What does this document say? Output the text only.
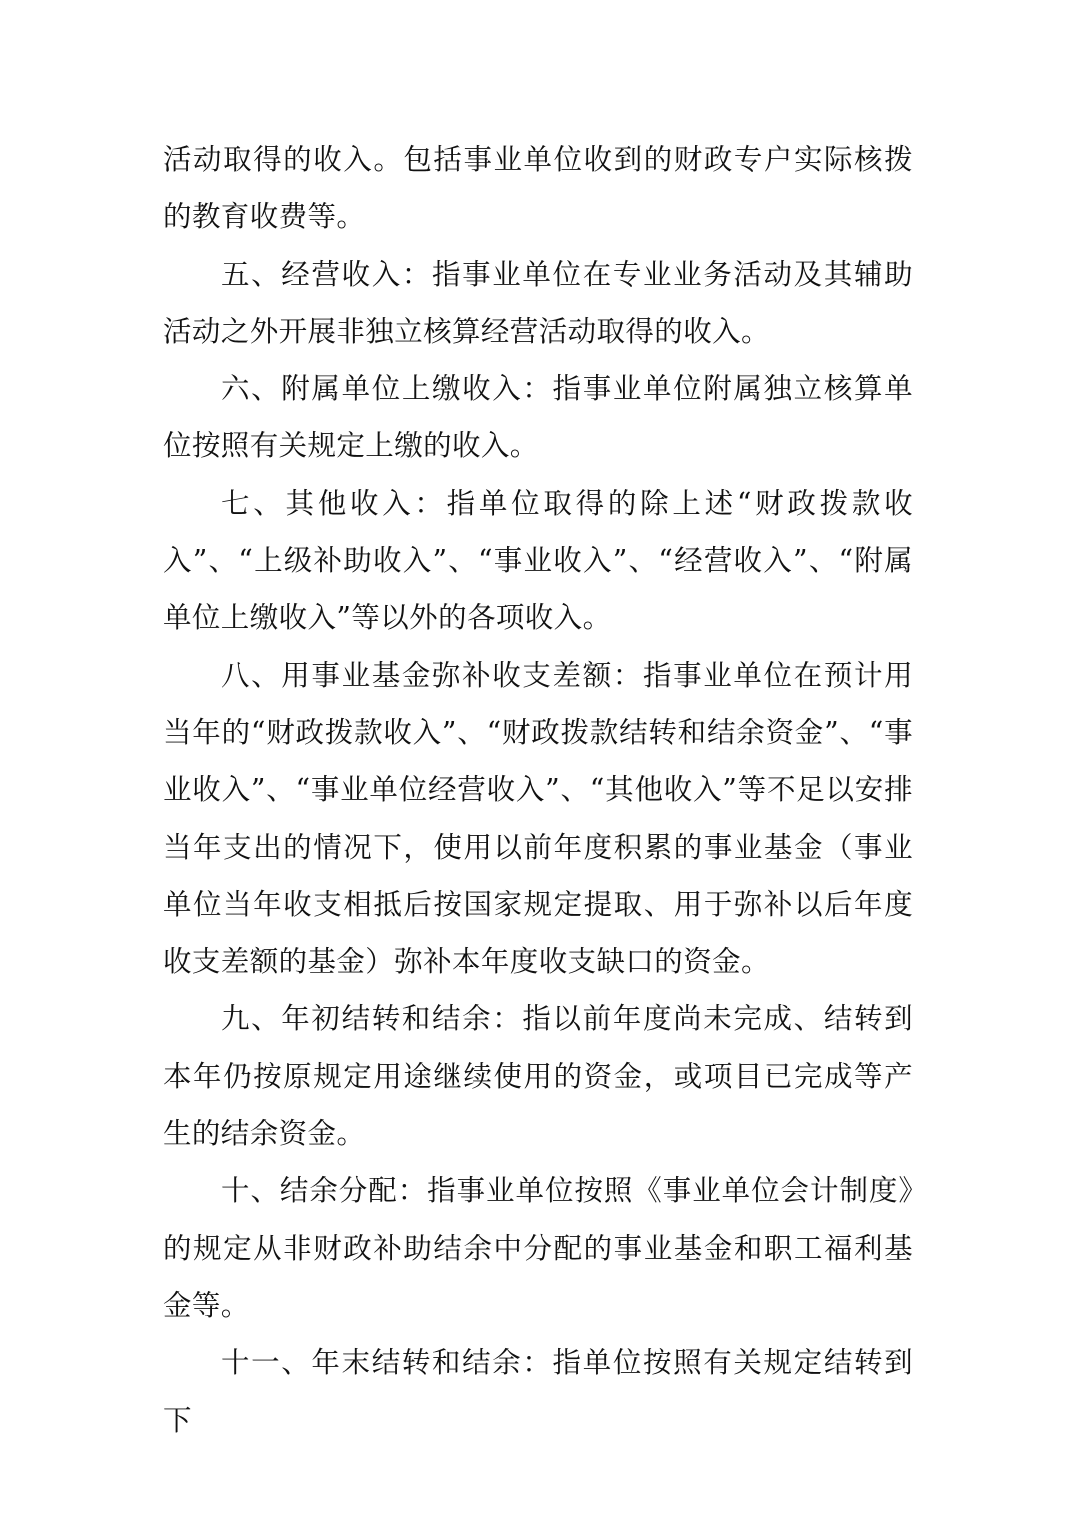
活动取得的收入。包括事业单位收到的财政专户实际核拨的教育收费等。

五、经营收入：指事业单位在专业业务活动及其辅助活动之外开展非独立核算经营活动取得的收入。

六、附属单位上缴收入：指事业单位附属独立核算单位按照有关规定上缴的收入。

七、其他收入：指单位取得的除上述“财政拨款收入”、“上级补助收入”、“事业收入”、“经营收入”、“附属单位上缴收入”等以外的各项收入。

八、用事业基金弥补收支差额：指事业单位在预计用当年的“财政拨款收入”、“财政拨款结转和结余资金”、“事业收入”、“事业单位经营收入”、“其他收入”等不足以安排当年支出的情况下，使用以前年度积累的事业基金（事业单位当年收支相抵后按国家规定提取、用于弥补以后年度收支差额的基金）弥补本年度收支缺口的资金。

九、年初结转和结余：指以前年度尚未完成、结转到本年仍按原规定用途继续使用的资金，或项目已完成等产生的结余资金。

十、结余分配：指事业单位按照《事业单位会计制度》的规定从非财政补助结余中分配的事业基金和职工福利基金等。

十一、年末结转和结余：指单位按照有关规定结转到下
